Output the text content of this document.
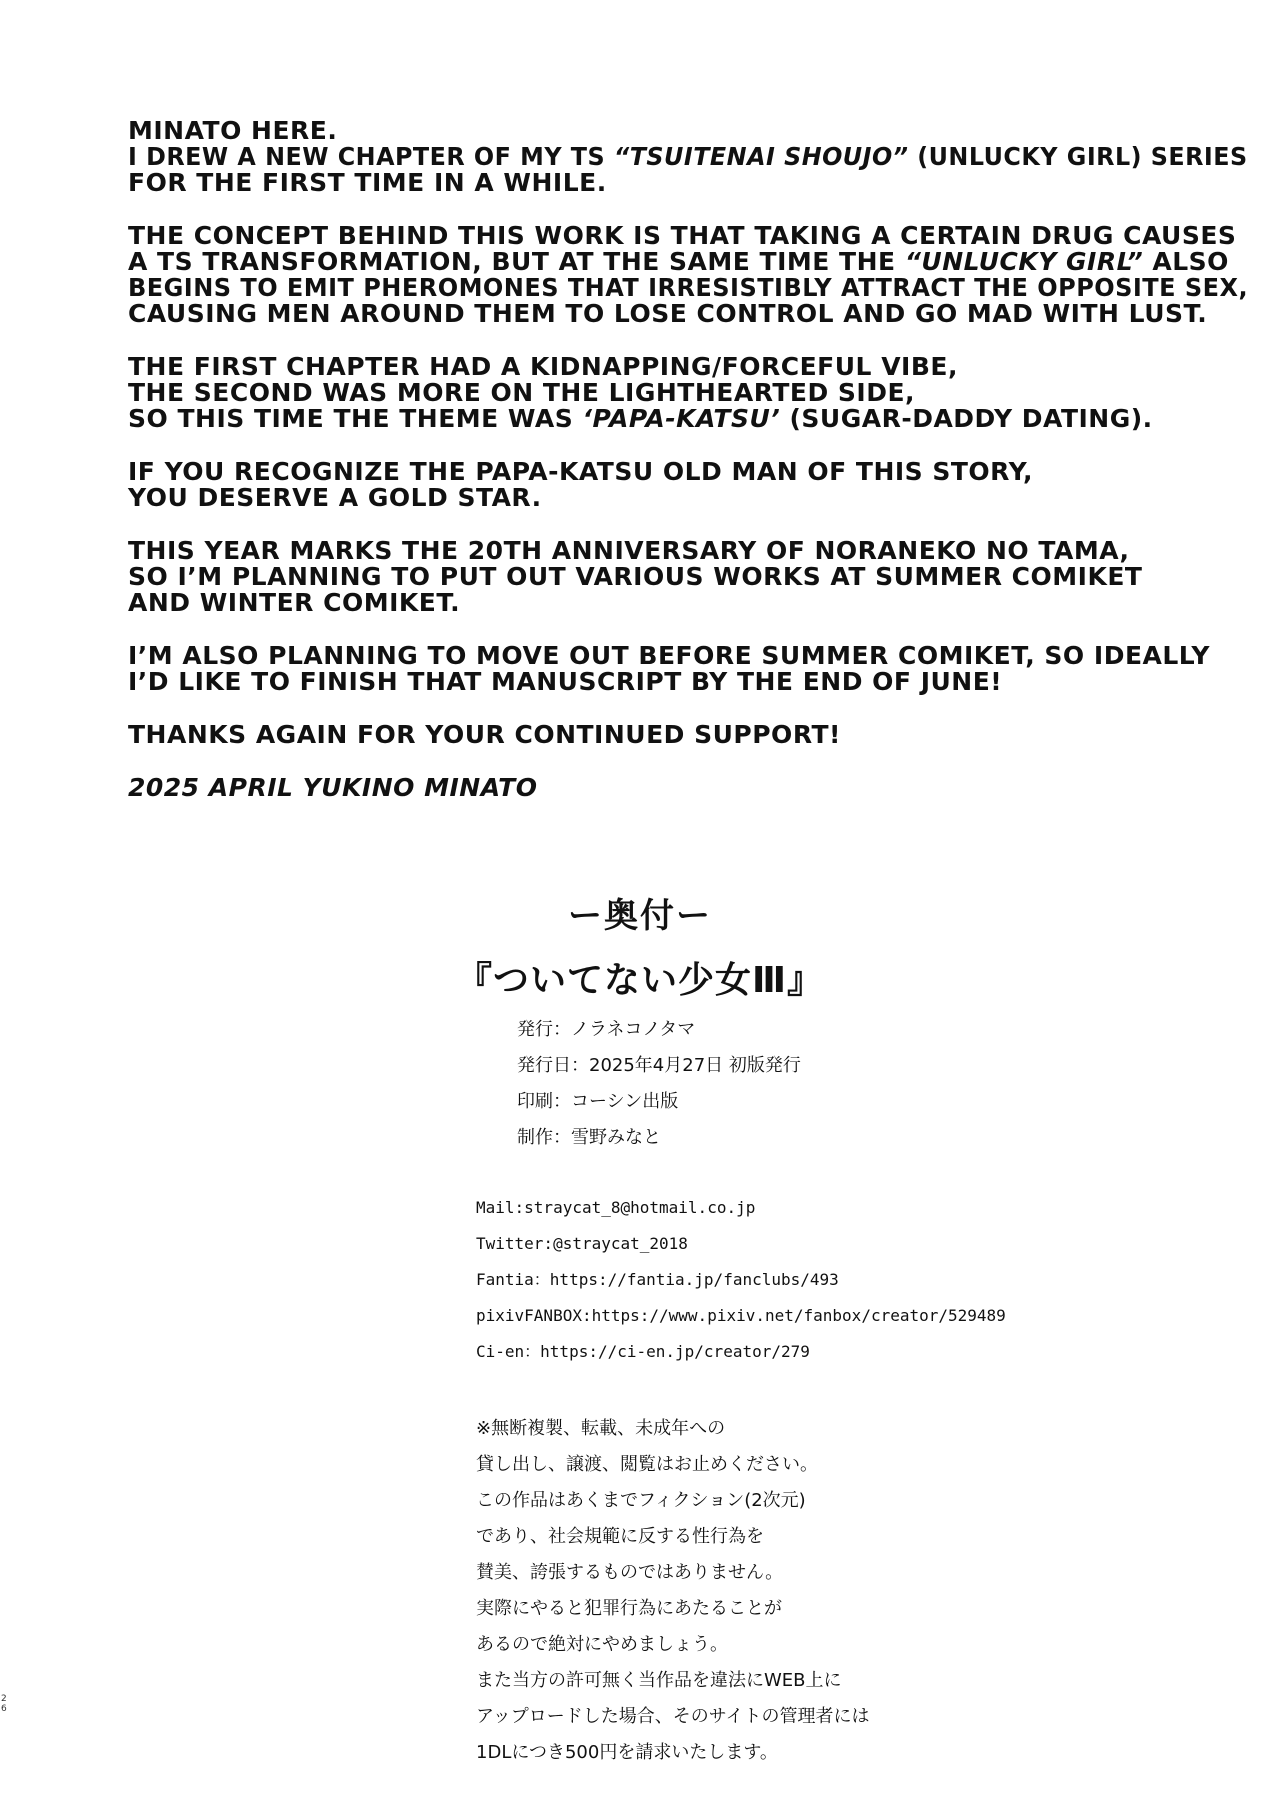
MINATO HERE.
I DREW A NEW CHAPTER OF MY TS “TSUITENAI SHOUJO” (UNLUCKY GIRL) SERIES
FOR THE FIRST TIME IN A WHILE.
THE CONCEPT BEHIND THIS WORK IS THAT TAKING A CERTAIN DRUG CAUSES
A TS TRANSFORMATION, BUT AT THE SAME TIME THE “UNLUCKY GIRL” ALSO
BEGINS TO EMIT PHEROMONES THAT IRRESISTIBLY ATTRACT THE OPPOSITE SEX,
CAUSING MEN AROUND THEM TO LOSE CONTROL AND GO MAD WITH LUST.
THE FIRST CHAPTER HAD A KIDNAPPING/FORCEFUL VIBE,
THE SECOND WAS MORE ON THE LIGHTHEARTED SIDE,
SO THIS TIME THE THEME WAS ‘PAPA-KATSU’ (SUGAR-DADDY DATING).
IF YOU RECOGNIZE THE PAPA-KATSU OLD MAN OF THIS STORY,
YOU DESERVE A GOLD STAR.
THIS YEAR MARKS THE 20TH ANNIVERSARY OF NORANEKO NO TAMA,
SO I’M PLANNING TO PUT OUT VARIOUS WORKS AT SUMMER COMIKET
AND WINTER COMIKET.
I’M ALSO PLANNING TO MOVE OUT BEFORE SUMMER COMIKET, SO IDEALLY
I’D LIKE TO FINISH THAT MANUSCRIPT BY THE END OF JUNE!
THANKS AGAIN FOR YOUR CONTINUED SUPPORT!
2025 APRIL YUKINO MINATO
ー奥付ー
『ついてない少女Ⅲ』
発行：ノラネコノタマ
発行日：2025年4月27日 初版発行
印刷：コーシン出版
制作：雪野みなと
Mail:straycat_8@hotmail.co.jp
Twitter:@straycat_2018
Fantia：https://fantia.jp/fanclubs/493
pixivFANBOX:https://www.pixiv.net/fanbox/creator/529489
Ci-en：https://ci-en.jp/creator/279
※無断複製、転載、未成年への
貸し出し、譲渡、閲覧はお止めください。
この作品はあくまでフィクション(2次元)
であり、社会規範に反する性行為を
賛美、誇張するものではありません。
実際にやると犯罪行為にあたることが
あるので絶対にやめましょう。
また当方の許可無く当作品を違法にWEB上に
アップロードした場合、そのサイトの管理者には
1DLにつき500円を請求いたします。
2
6
